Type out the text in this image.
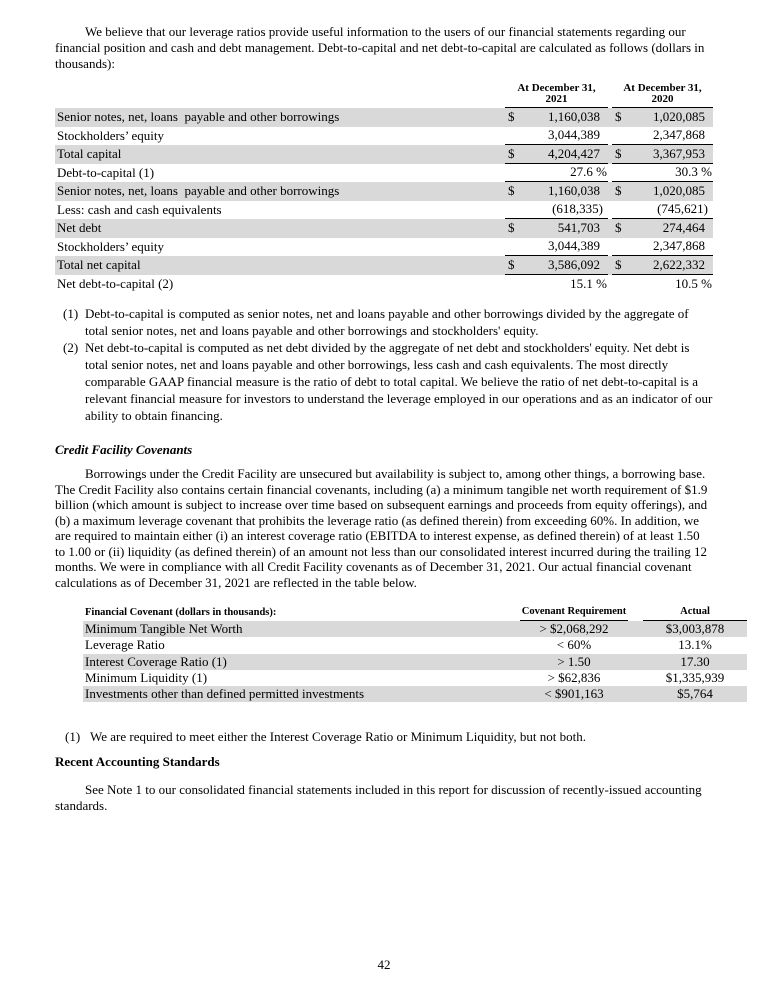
We believe that our leverage ratios provide useful information to the users of our financial statements regarding our financial position and cash and debt management. Debt-to-capital and net debt-to-capital are calculated as follows (dollars in thousands):

At December 31,
2021
At December 31,
2020
Senior notes, net, loans  payable and other borrowings	$	1,160,038	$	1,020,085
Stockholders’ equity	3,044,389	2,347,868
Total capital	$	4,204,427	$	3,367,953
Debt-to-capital (1)	27.6 %	30.3 %
Senior notes, net, loans  payable and other borrowings	$	1,160,038	$	1,020,085
Less: cash and cash equivalents	(618,335)	(745,621)
Net debt	$	541,703	$	274,464
Stockholders’ equity	3,044,389	2,347,868
Total net capital	$	3,586,092	$	2,622,332
Net debt-to-capital (2)	15.1 %	10.5 %

(1) Debt-to-capital is computed as senior notes, net and loans payable and other borrowings divided by the aggregate of total senior notes, net and loans payable and other borrowings and stockholders' equity.

(2) Net debt-to-capital is computed as net debt divided by the aggregate of net debt and stockholders' equity. Net debt is total senior notes, net and loans payable and other borrowings, less cash and cash equivalents. The most directly comparable GAAP financial measure is the ratio of debt to total capital. We believe the ratio of net debt-to-capital is a relevant financial measure for investors to understand the leverage employed in our operations and as an indicator of our ability to obtain financing.

Credit Facility Covenants

Borrowings under the Credit Facility are unsecured but availability is subject to, among other things, a borrowing base. The Credit Facility also contains certain financial covenants, including (a) a minimum tangible net worth requirement of $1.9 billion (which amount is subject to increase over time based on subsequent earnings and proceeds from equity offerings), and (b) a maximum leverage covenant that prohibits the leverage ratio (as defined therein) from exceeding 60%. In addition, we are required to maintain either (i) an interest coverage ratio (EBITDA to interest expense, as defined therein) of at least 1.50 to 1.00 or (ii) liquidity (as defined therein) of an amount not less than our consolidated interest incurred during the trailing 12 months. We were in compliance with all Credit Facility covenants as of December 31, 2021. Our actual financial covenant calculations as of December 31, 2021 are reflected in the table below.

Financial Covenant (dollars in thousands):	Covenant Requirement	Actual
Minimum Tangible Net Worth	> $2,068,292	$3,003,878
Leverage Ratio	< 60%	13.1%
Interest Coverage Ratio (1)	> 1.50	17.30
Minimum Liquidity (1)	> $62,836	$1,335,939
Investments other than defined permitted investments	< $901,163	$5,764

(1) We are required to meet either the Interest Coverage Ratio or Minimum Liquidity, but not both.

Recent Accounting Standards

See Note 1 to our consolidated financial statements included in this report for discussion of recently-issued accounting standards.

42
